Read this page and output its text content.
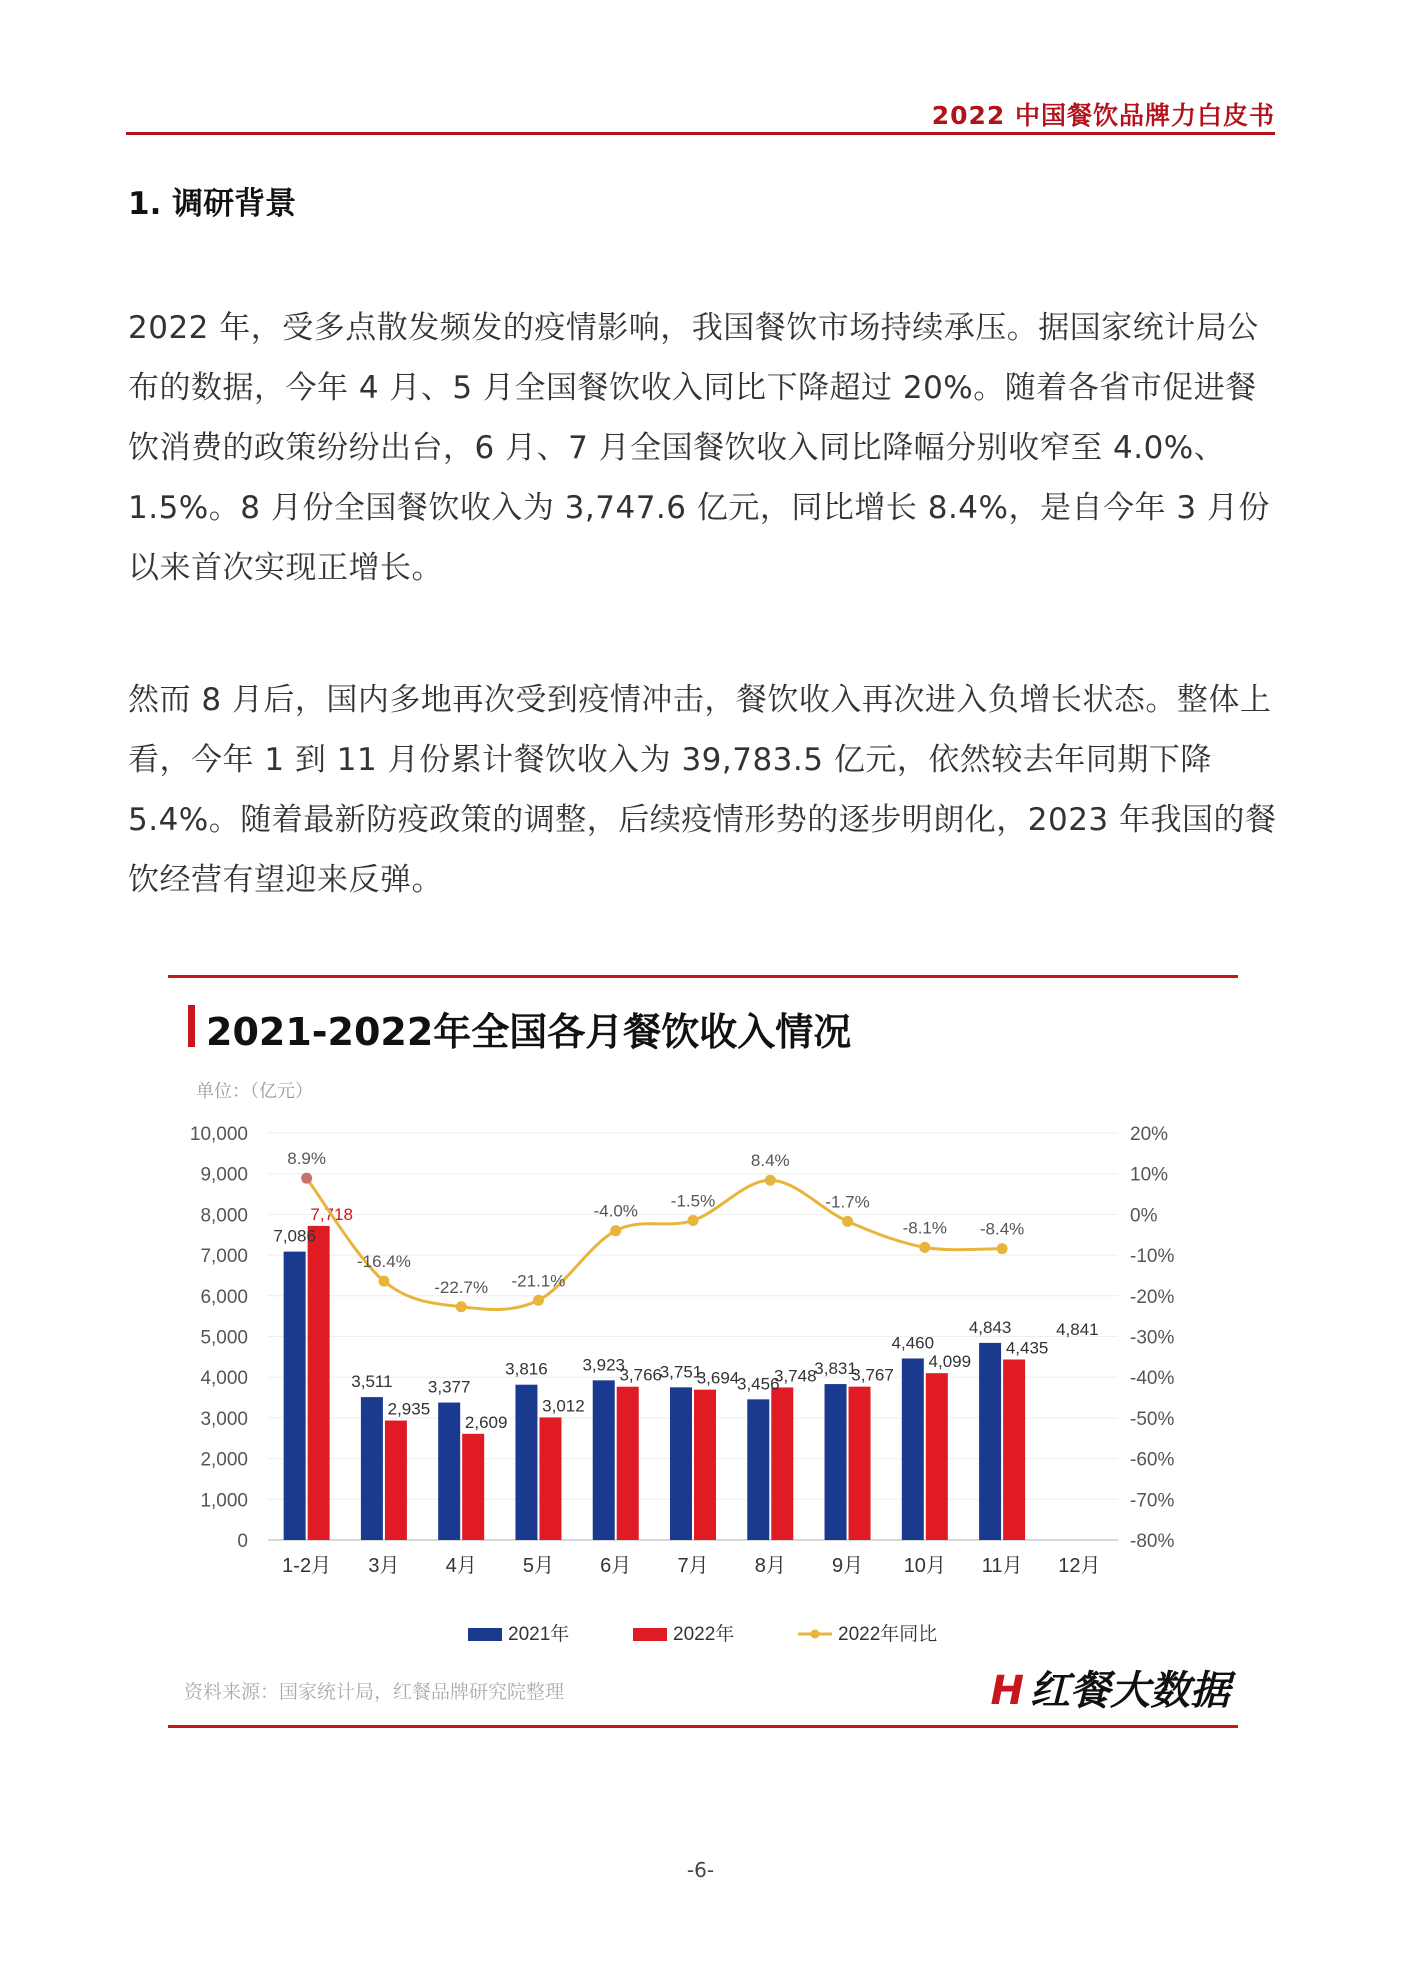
2022 中国餐饮品牌力白皮书
1. 调研背景

2022 年，受多点散发频发的疫情影响，我国餐饮市场持续承压。据国家统计局公布的数据，今年 4 月、5 月全国餐饮收入同比下降超过 20%。随着各省市促进餐饮消费的政策纷纷出台，6 月、7 月全国餐饮收入同比降幅分别收窄至 4.0%、1.5%。8 月份全国餐饮收入为 3,747.6 亿元，同比增长 8.4%，是自今年 3 月份以来首次实现正增长。

然而 8 月后，国内多地再次受到疫情冲击，餐饮收入再次进入负增长状态。整体上看，今年 1 到 11 月份累计餐饮收入为 39,783.5 亿元，依然较去年同期下降 5.4%。随着最新防疫政策的调整，后续疫情形势的逐步明朗化，2023 年我国的餐饮经营有望迎来反弹。

2021-2022年全国各月餐饮收入情况
单位：（亿元）
0
1,000
2,000
3,000
4,000
5,000
6,000
7,000
8,000
9,000
10,000
-80%
-70%
-60%
-50%
-40%
-30%
-20%
-10%
0%
10%
20%
1-2月 3月 4月 5月 6月 7月 8月 9月 10月 11月 12月
7,086
7,718
3,511
2,935
3,377
2,609
3,816
3,012
3,923
3,766
3,751
3,694
3,456
3,748
3,831
3,767
4,460
4,099
4,843
4,435
4,841
8.9%
-16.4%
-22.7% -21.1%
-4.0%
-1.5%
8.4%
-1.7%
-8.1% -8.4%
2021年	2022年	2022年同比
资料来源：国家统计局，红餐品牌研究院整理	H 红餐大数据
-6-
